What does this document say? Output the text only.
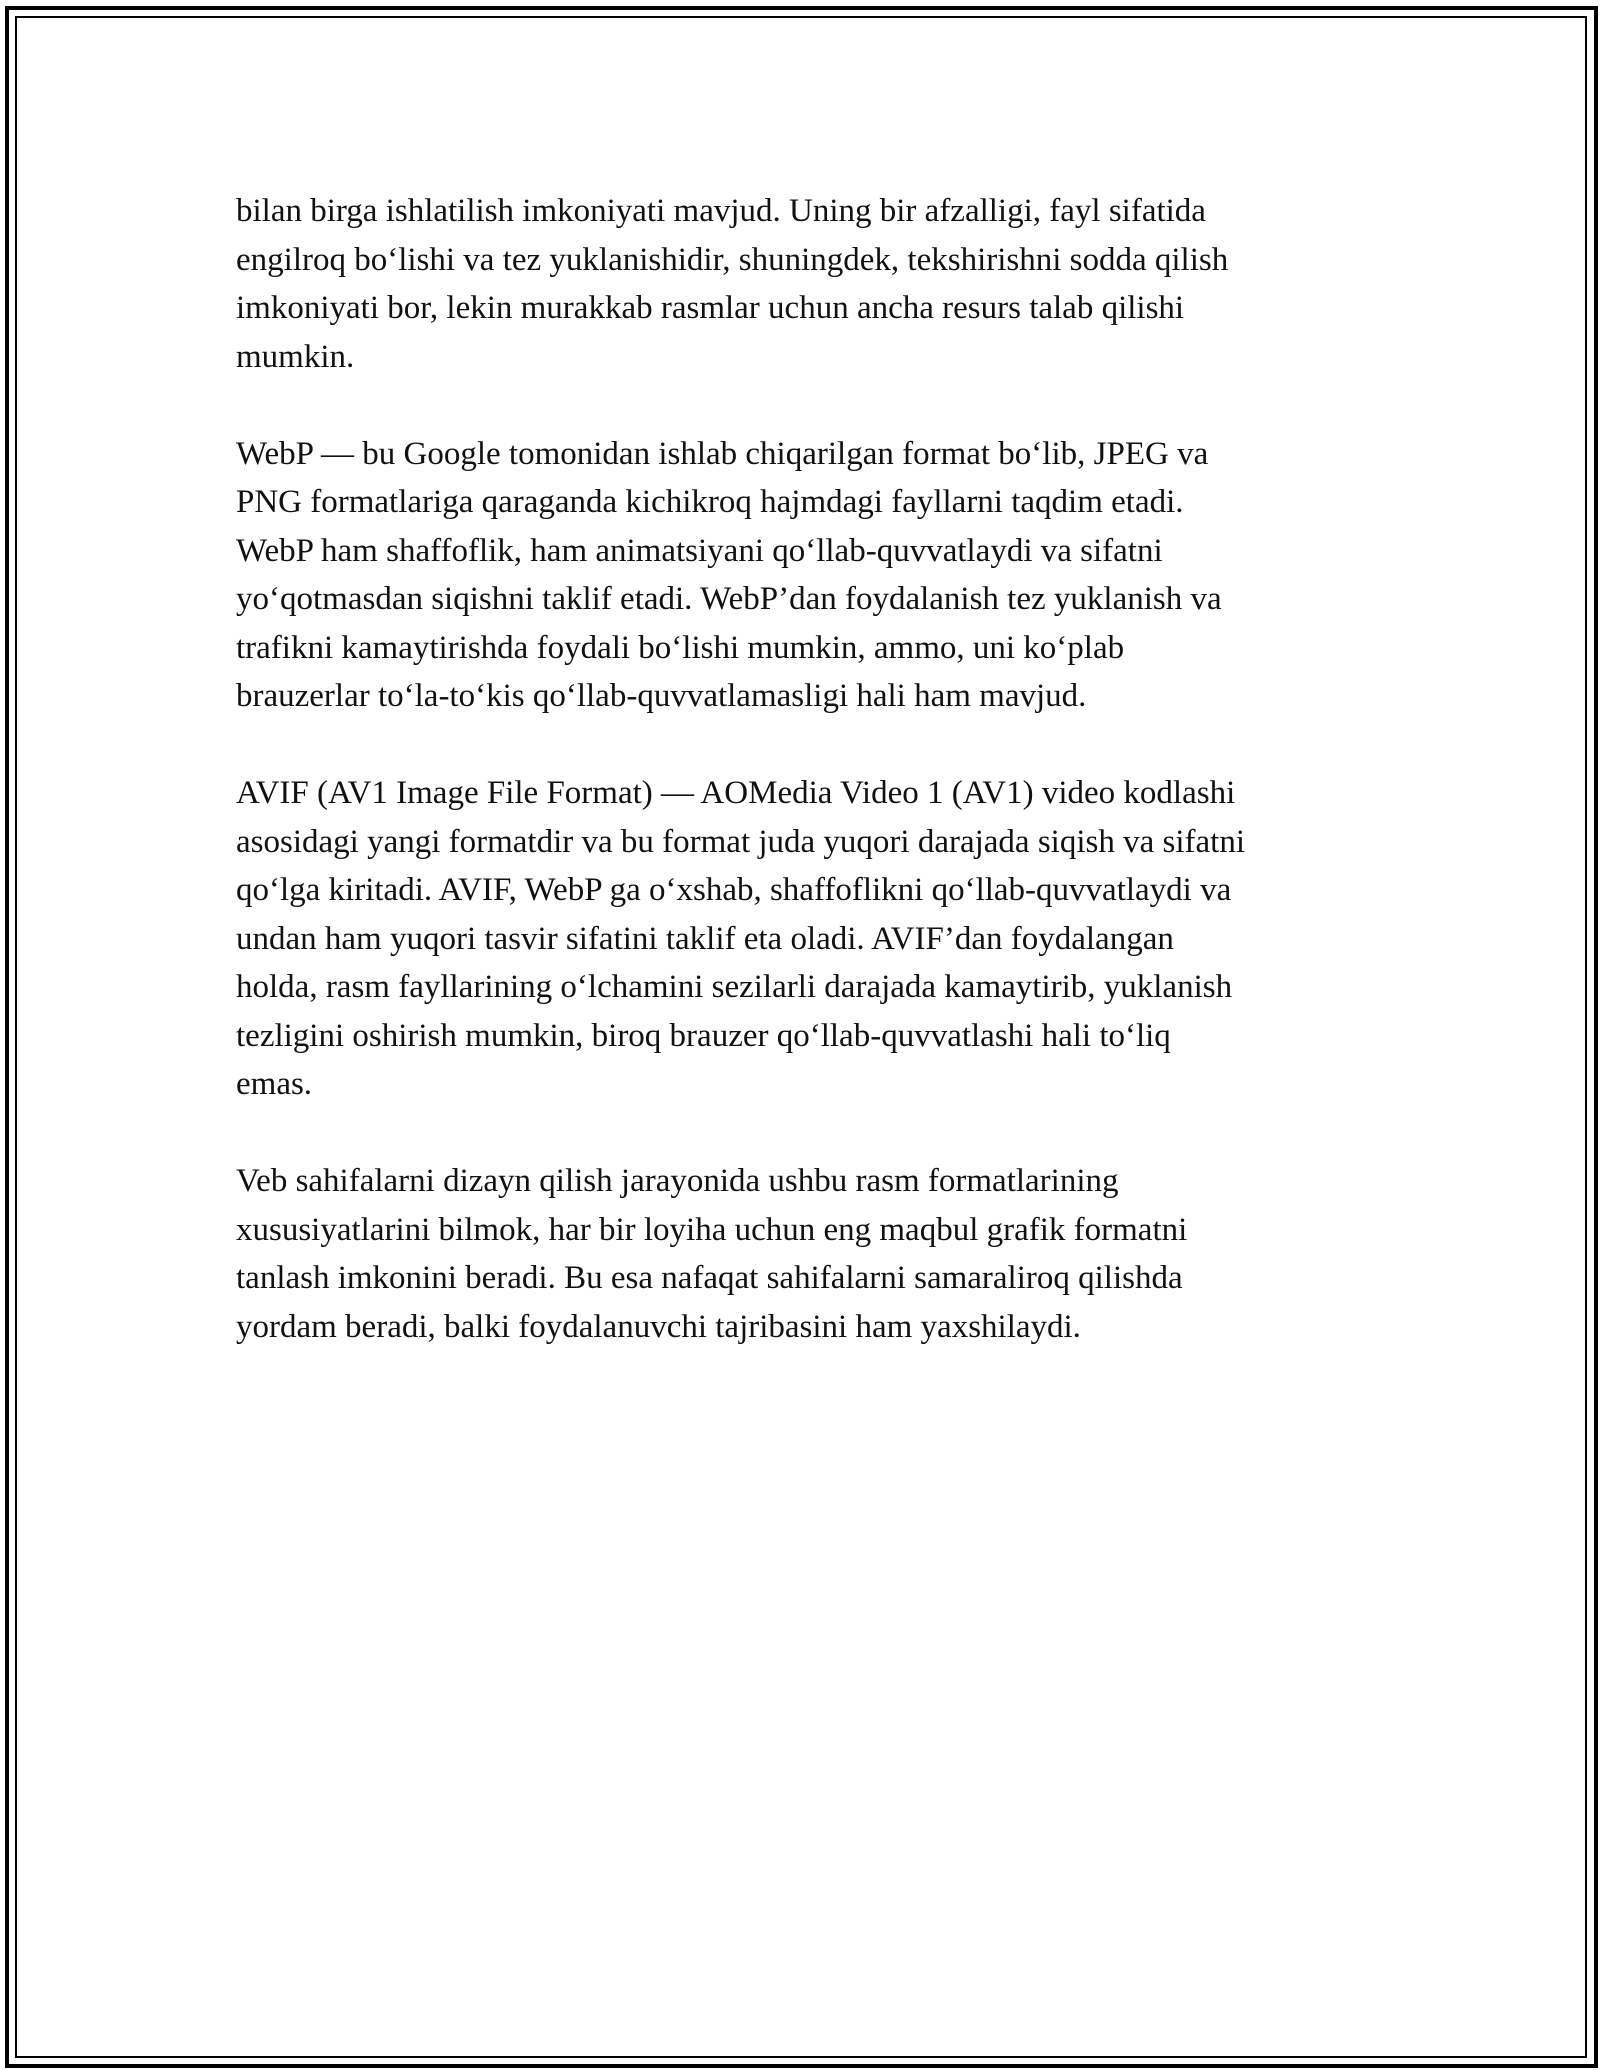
bilan birga ishlatilish imkoniyati mavjud. Uning bir afzalligi, fayl sifatida
engilroq bo‘lishi va tez yuklanishidir, shuningdek, tekshirishni sodda qilish
imkoniyati bor, lekin murakkab rasmlar uchun ancha resurs talab qilishi
mumkin.

WebP — bu Google tomonidan ishlab chiqarilgan format bo‘lib, JPEG va
PNG formatlariga qaraganda kichikroq hajmdagi fayllarni taqdim etadi.
WebP ham shaffoflik, ham animatsiyani qo‘llab-quvvatlaydi va sifatni
yo‘qotmasdan siqishni taklif etadi. WebP’dan foydalanish tez yuklanish va
trafikni kamaytirishda foydali bo‘lishi mumkin, ammo, uni ko‘plab
brauzerlar to‘la-to‘kis qo‘llab-quvvatlamasligi hali ham mavjud.

AVIF (AV1 Image File Format) — AOMedia Video 1 (AV1) video kodlashi
asosidagi yangi formatdir va bu format juda yuqori darajada siqish va sifatni
qo‘lga kiritadi. AVIF, WebP ga o‘xshab, shaffoflikni qo‘llab-quvvatlaydi va
undan ham yuqori tasvir sifatini taklif eta oladi. AVIF’dan foydalangan
holda, rasm fayllarining o‘lchamini sezilarli darajada kamaytirib, yuklanish
tezligini oshirish mumkin, biroq brauzer qo‘llab-quvvatlashi hali to‘liq
emas.

Veb sahifalarni dizayn qilish jarayonida ushbu rasm formatlarining
xususiyatlarini bilmok, har bir loyiha uchun eng maqbul grafik formatni
tanlash imkonini beradi. Bu esa nafaqat sahifalarni samaraliroq qilishda
yordam beradi, balki foydalanuvchi tajribasini ham yaxshilaydi.
